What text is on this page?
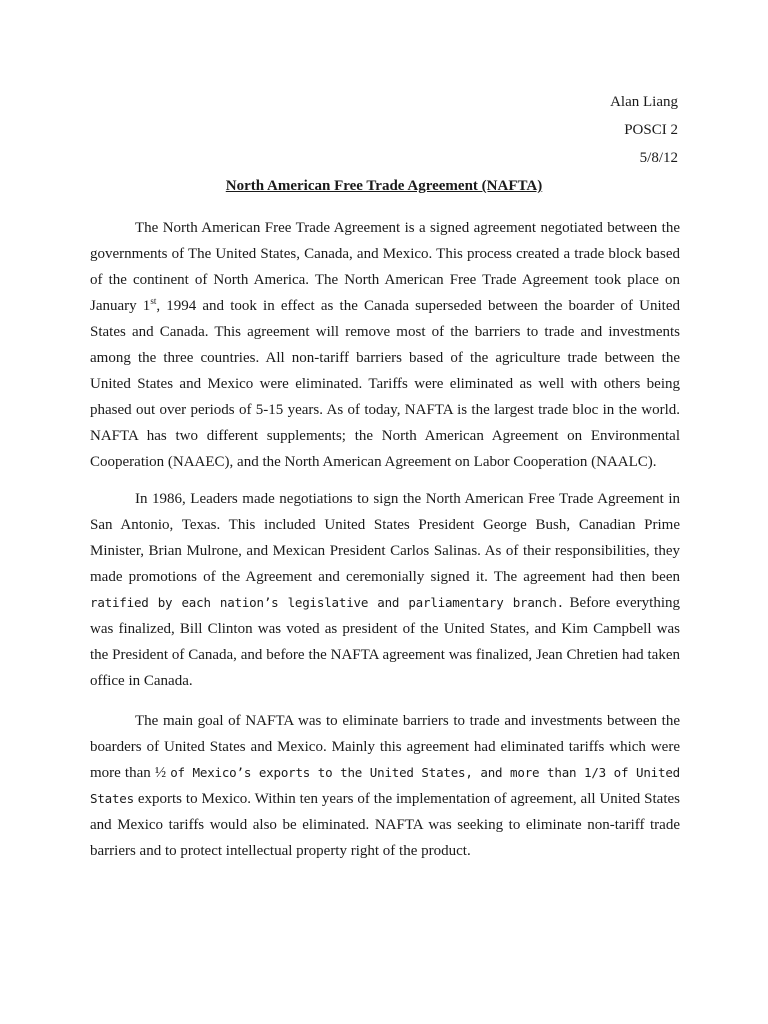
Alan Liang
POSCI 2
5/8/12
North American Free Trade Agreement (NAFTA)

The North American Free Trade Agreement is a signed agreement negotiated between the governments of The United States, Canada, and Mexico. This process created a trade block based of the continent of North America. The North American Free Trade Agreement took place on January 1st, 1994 and took in effect as the Canada superseded between the boarder of United States and Canada. This agreement will remove most of the barriers to trade and investments among the three countries. All non-tariff barriers based of the agriculture trade between the United States and Mexico were eliminated. Tariffs were eliminated as well with others being phased out over periods of 5-15 years. As of today, NAFTA is the largest trade bloc in the world. NAFTA has two different supplements; the North American Agreement on Environmental Cooperation (NAAEC), and the North American Agreement on Labor Cooperation (NAALC).

In 1986, Leaders made negotiations to sign the North American Free Trade Agreement in San Antonio, Texas. This included United States President George Bush, Canadian Prime Minister, Brian Mulrone, and Mexican President Carlos Salinas. As of their responsibilities, they made promotions of the Agreement and ceremonially signed it. The agreement had then been ratified by each nation’s legislative and parliamentary branch. Before everything was finalized, Bill Clinton was voted as president of the United States, and Kim Campbell was the President of Canada, and before the NAFTA agreement was finalized, Jean Chretien had taken office in Canada.

The main goal of NAFTA was to eliminate barriers to trade and investments between the boarders of United States and Mexico. Mainly this agreement had eliminated tariffs which were more than ½ of Mexico’s exports to the United States, and more than 1/3 of United States exports to Mexico. Within ten years of the implementation of agreement, all United States and Mexico tariffs would also be eliminated. NAFTA was seeking to eliminate non-tariff trade barriers and to protect intellectual property right of the product.
